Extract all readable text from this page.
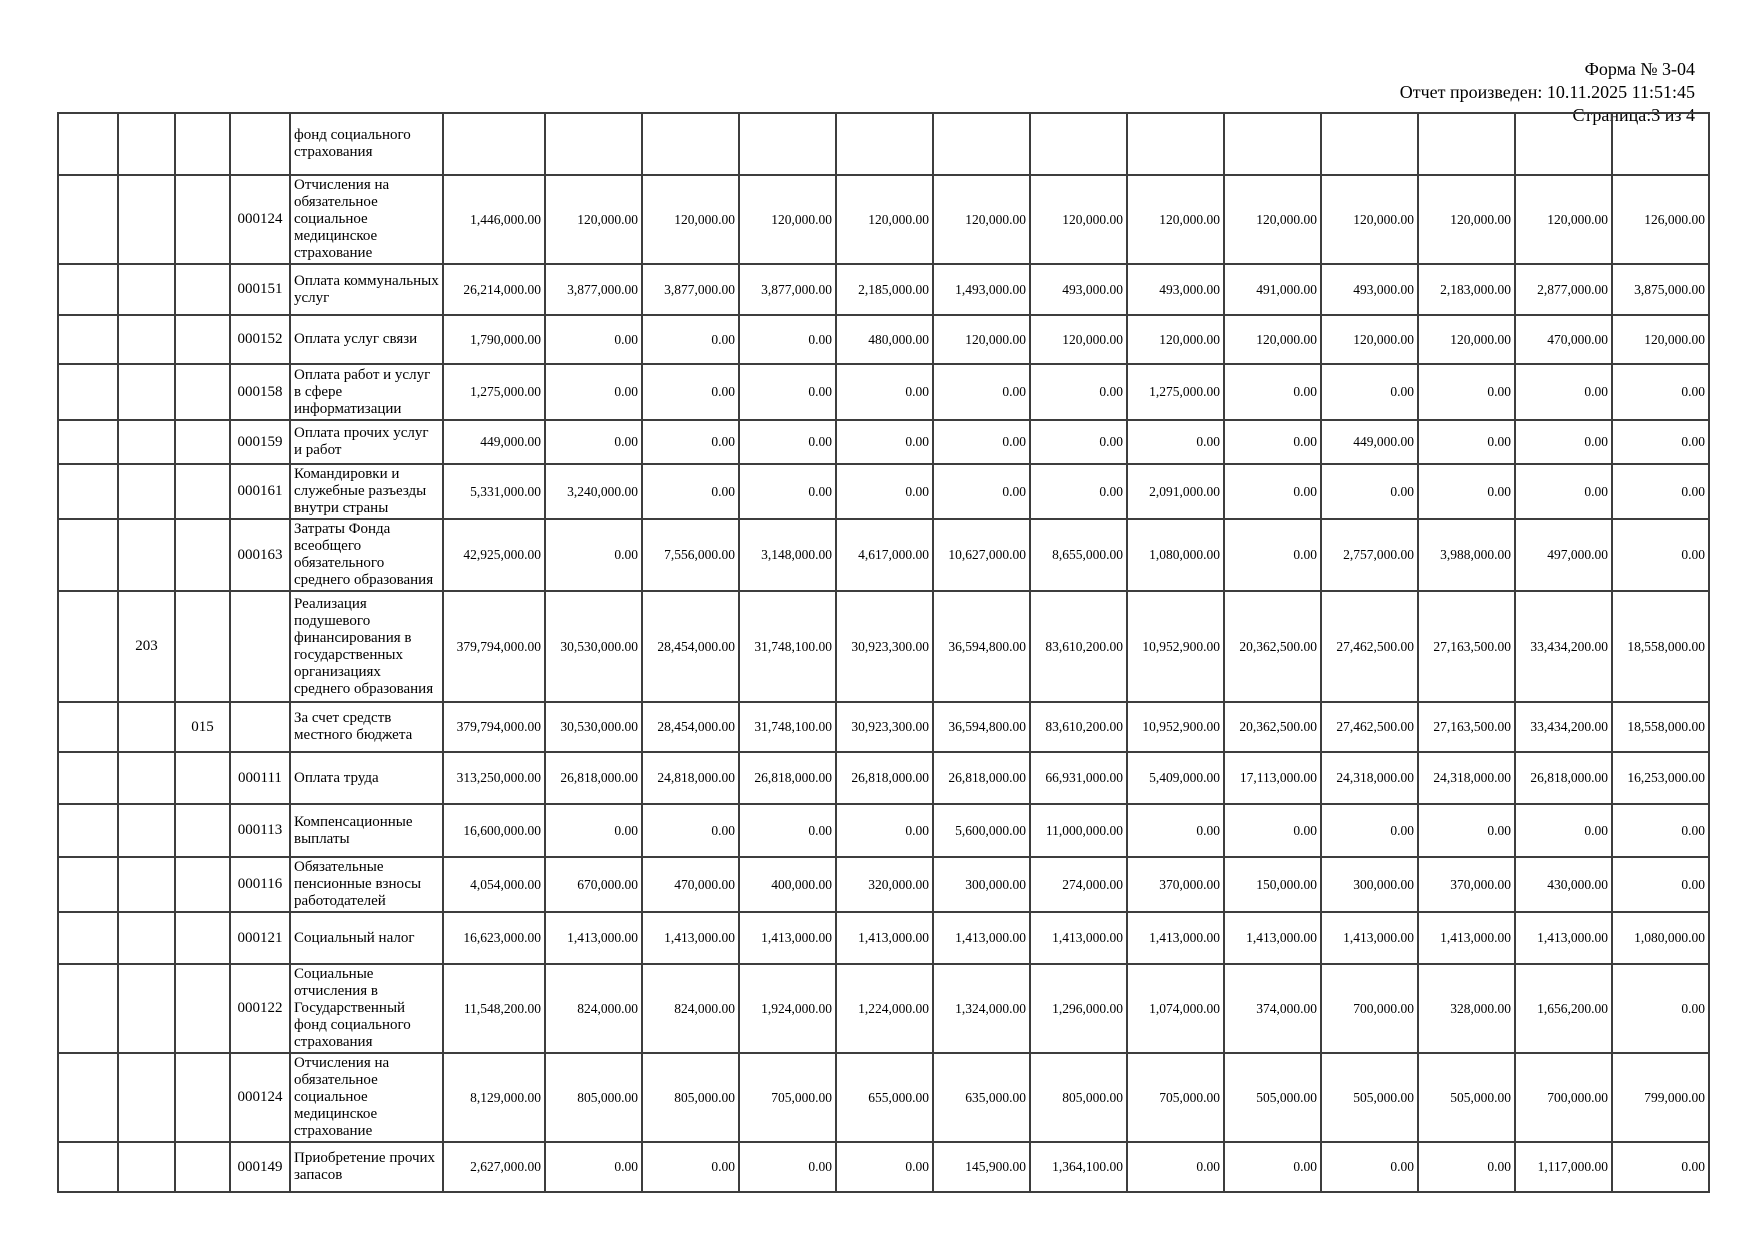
Форма № 3-04
Отчет произведен: 10.11.2025 11:51:45
Страница:3 из 4
				фонд социального страхования													
			000124	Отчисления на обязательное социальное медицинское страхование	1,446,000.00	120,000.00	120,000.00	120,000.00	120,000.00	120,000.00	120,000.00	120,000.00	120,000.00	120,000.00	120,000.00	120,000.00	126,000.00
			000151	Оплата коммунальных услуг	26,214,000.00	3,877,000.00	3,877,000.00	3,877,000.00	2,185,000.00	1,493,000.00	493,000.00	493,000.00	491,000.00	493,000.00	2,183,000.00	2,877,000.00	3,875,000.00
			000152	Оплата услуг связи	1,790,000.00	0.00	0.00	0.00	480,000.00	120,000.00	120,000.00	120,000.00	120,000.00	120,000.00	120,000.00	470,000.00	120,000.00
			000158	Оплата работ и услуг в сфере информатизации	1,275,000.00	0.00	0.00	0.00	0.00	0.00	0.00	1,275,000.00	0.00	0.00	0.00	0.00	0.00
			000159	Оплата прочих услуг и работ	449,000.00	0.00	0.00	0.00	0.00	0.00	0.00	0.00	0.00	449,000.00	0.00	0.00	0.00
			000161	Командировки и служебные разъезды внутри страны	5,331,000.00	3,240,000.00	0.00	0.00	0.00	0.00	0.00	2,091,000.00	0.00	0.00	0.00	0.00	0.00
			000163	Затраты Фонда всеобщего обязательного среднего образования	42,925,000.00	0.00	7,556,000.00	3,148,000.00	4,617,000.00	10,627,000.00	8,655,000.00	1,080,000.00	0.00	2,757,000.00	3,988,000.00	497,000.00	0.00
	203			Реализация подушевого финансирования в государственных организациях среднего образования	379,794,000.00	30,530,000.00	28,454,000.00	31,748,100.00	30,923,300.00	36,594,800.00	83,610,200.00	10,952,900.00	20,362,500.00	27,462,500.00	27,163,500.00	33,434,200.00	18,558,000.00
		015		За счет средств местного бюджета	379,794,000.00	30,530,000.00	28,454,000.00	31,748,100.00	30,923,300.00	36,594,800.00	83,610,200.00	10,952,900.00	20,362,500.00	27,462,500.00	27,163,500.00	33,434,200.00	18,558,000.00
			000111	Оплата труда	313,250,000.00	26,818,000.00	24,818,000.00	26,818,000.00	26,818,000.00	26,818,000.00	66,931,000.00	5,409,000.00	17,113,000.00	24,318,000.00	24,318,000.00	26,818,000.00	16,253,000.00
			000113	Компенсационные выплаты	16,600,000.00	0.00	0.00	0.00	0.00	5,600,000.00	11,000,000.00	0.00	0.00	0.00	0.00	0.00	0.00
			000116	Обязательные пенсионные взносы работодателей	4,054,000.00	670,000.00	470,000.00	400,000.00	320,000.00	300,000.00	274,000.00	370,000.00	150,000.00	300,000.00	370,000.00	430,000.00	0.00
			000121	Социальный налог	16,623,000.00	1,413,000.00	1,413,000.00	1,413,000.00	1,413,000.00	1,413,000.00	1,413,000.00	1,413,000.00	1,413,000.00	1,413,000.00	1,413,000.00	1,413,000.00	1,080,000.00
			000122	Социальные отчисления в Государственный фонд социального страхования	11,548,200.00	824,000.00	824,000.00	1,924,000.00	1,224,000.00	1,324,000.00	1,296,000.00	1,074,000.00	374,000.00	700,000.00	328,000.00	1,656,200.00	0.00
			000124	Отчисления на обязательное социальное медицинское страхование	8,129,000.00	805,000.00	805,000.00	705,000.00	655,000.00	635,000.00	805,000.00	705,000.00	505,000.00	505,000.00	505,000.00	700,000.00	799,000.00
			000149	Приобретение прочих запасов	2,627,000.00	0.00	0.00	0.00	0.00	145,900.00	1,364,100.00	0.00	0.00	0.00	0.00	1,117,000.00	0.00
